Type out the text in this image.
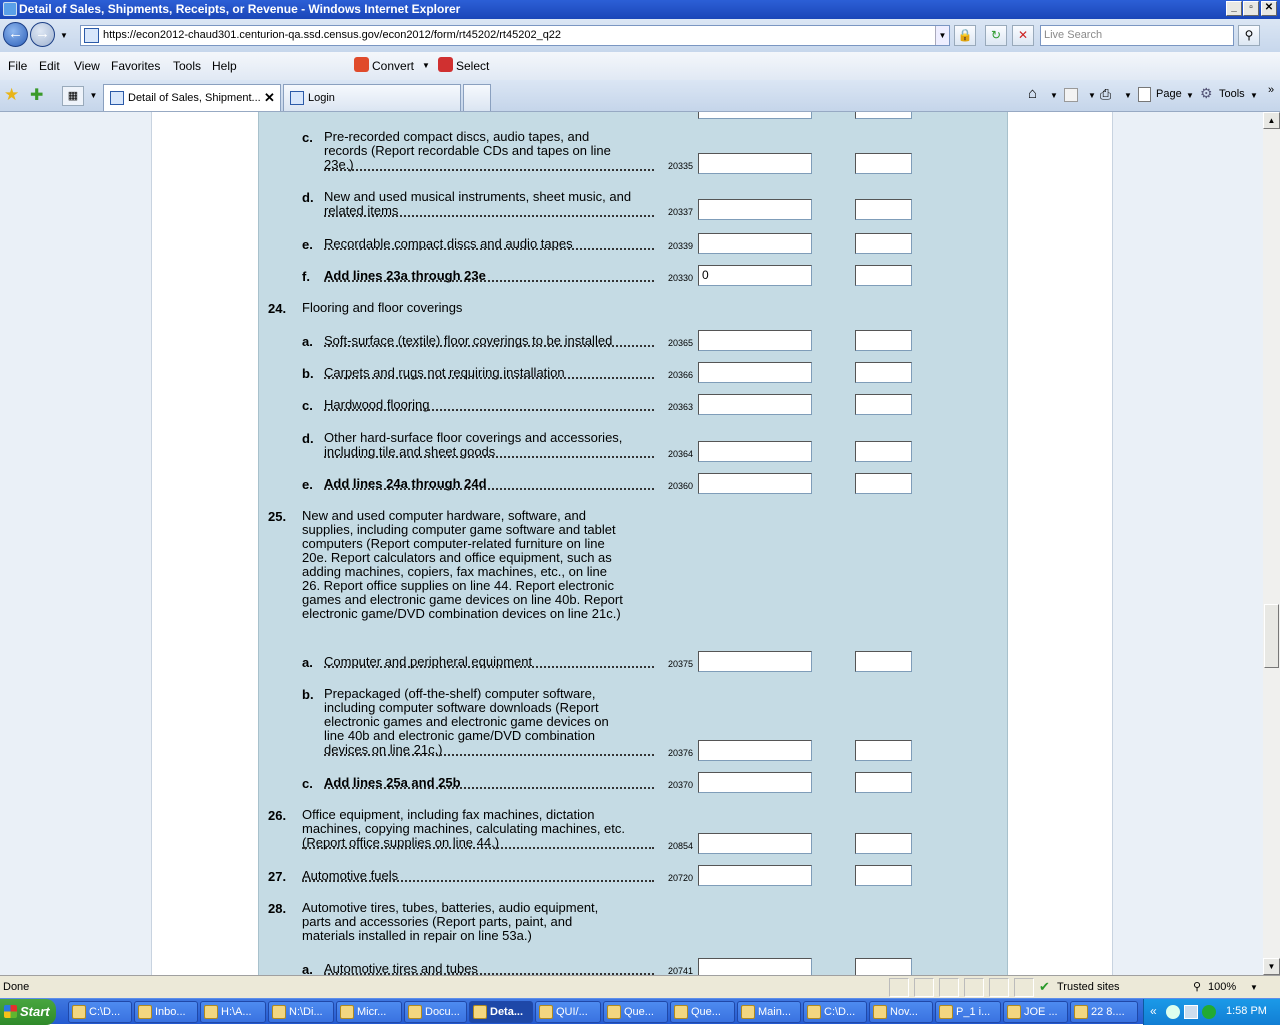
Detail of Sales, Shipments, Receipts, or Revenue - Windows Internet Explorer	_	▫	✕
← →	▼	https://econ2012-chaud301.centurion-qa.ssd.census.gov/econ2012/form/rt45202/rt45202_q22	▼ 🔒	↻	✕	Live Search	⚲
File Edit View Favorites Tools Help	Convert ▼ Select
★ ✚	▦	▼	Detail of Sales, Shipment... ✕	Login	⌂ ▼	▼ ⎙ ▼ Page ▼ ⚙ Tools ▼ »
c. Pre-recorded compact discs, audio tapes, and
records (Report recordable CDs and tapes on line
23e.)	20335
d. New and used musical instruments, sheet music, and
related items	20337
e. Recordable compact discs and audio tapes	20339
f. Add lines 23a through 23e	20330 0
24. Flooring and floor coverings
a. Soft-surface (textile) floor coverings to be installed	20365
b. Carpets and rugs not requiring installation	20366
c. Hardwood flooring	20363
d. Other hard-surface floor coverings and accessories,
including tile and sheet goods	20364
e. Add lines 24a through 24d	20360
25. New and used computer hardware, software, and
supplies, including computer game software and tablet
computers (Report computer-related furniture on line
20e. Report calculators and office equipment, such as
adding machines, copiers, fax machines, etc., on line
26. Report office supplies on line 44. Report electronic
games and electronic game devices on line 40b. Report
electronic game/DVD combination devices on line 21c.)
a. Computer and peripheral equipment	20375
b. Prepackaged (off-the-shelf) computer software,
including computer software downloads (Report
electronic games and electronic game devices on
line 40b and electronic game/DVD combination
devices on line 21c.)	20376
c. Add lines 25a and 25b	20370
26. Office equipment, including fax machines, dictation
machines, copying machines, calculating machines, etc.
(Report office supplies on line 44.)	20854
27. Automotive fuels	20720
28. Automotive tires, tubes, batteries, audio equipment,
parts and accessories (Report parts, paint, and
materials installed in repair on line 53a.)
a. Automotive tires and tubes	20741
▲
▼
Done	✔ Trusted sites	⚲ 100% ▼
Start	C:\D...	Inbo...	H:\A...	N:\Di...	Micr...	Docu...	Deta...	QUI/...	Que...	Que...	Main...	C:\D...	Nov...	P_1 i...	JOE ...	22 8....	«	1:58 PM
